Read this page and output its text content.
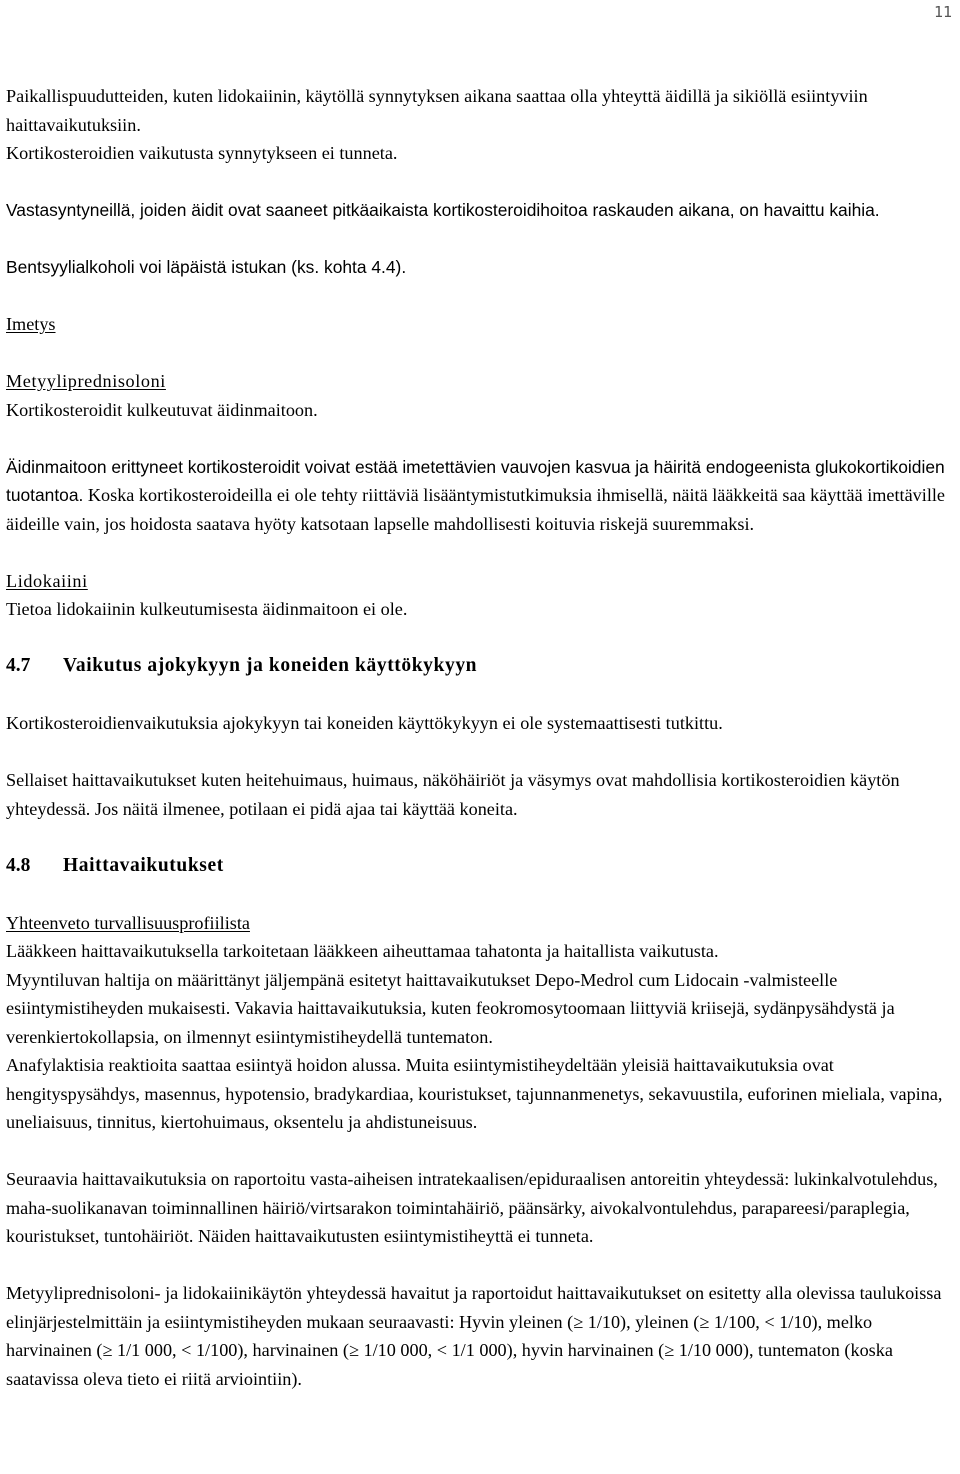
11

Paikallispuudutteiden, kuten lidokaiinin, käytöllä synnytyksen aikana saattaa olla yhteyttä äidillä ja sikiöllä esiintyviin haittavaikutuksiin.

Kortikosteroidien vaikutusta synnytykseen ei tunneta.

Vastasyntyneillä, joiden äidit ovat saaneet pitkäaikaista kortikosteroidihoitoa raskauden aikana, on havaittu kaihia.

Bentsyylialkoholi voi läpäistä istukan (ks. kohta 4.4).

Imetys

Metyyliprednisoloni

Kortikosteroidit kulkeutuvat äidinmaitoon.

Äidinmaitoon erittyneet kortikosteroidit voivat estää imetettävien vauvojen kasvua ja häiritä endogeenista glukokortikoidien tuotantoa. Koska kortikosteroideilla ei ole tehty riittäviä lisääntymistutkimuksia ihmisellä, näitä lääkkeitä saa käyttää imettäville äideille vain, jos hoidosta saatava hyöty katsotaan lapselle mahdollisesti koituvia riskejä suuremmaksi.

Lidokaiini

Tietoa lidokaiinin kulkeutumisesta äidinmaitoon ei ole.

4.7	Vaikutus ajokykyyn ja koneiden käyttökykyyn

Kortikosteroidienvaikutuksia ajokykyyn tai koneiden käyttökykyyn ei ole systemaattisesti tutkittu.

Sellaiset haittavaikutukset kuten heitehuimaus, huimaus, näköhäiriöt ja väsymys ovat mahdollisia kortikosteroidien käytön yhteydessä. Jos näitä ilmenee, potilaan ei pidä ajaa tai käyttää koneita.

4.8	Haittavaikutukset

Yhteenveto turvallisuusprofiilista

Lääkkeen haittavaikutuksella tarkoitetaan lääkkeen aiheuttamaa tahatonta ja haitallista vaikutusta.
Myyntiluvan haltija on määrittänyt jäljempänä esitetyt haittavaikutukset Depo-Medrol cum Lidocain -valmisteelle esiintymistiheyden mukaisesti. Vakavia haittavaikutuksia, kuten feokromosytoomaan liittyviä kriisejä, sydänpysähdystä ja verenkiertokollapsia, on ilmennyt esiintymistiheydellä tuntematon.
Anafylaktisia reaktioita saattaa esiintyä hoidon alussa. Muita esiintymistiheydeltään yleisiä haittavaikutuksia ovat hengityspysähdys, masennus, hypotensio, bradykardiaa, kouristukset, tajunnanmenetys, sekavuustila, euforinen mieliala, vapina, uneliaisuus, tinnitus, kiertohuimaus, oksentelu ja ahdistuneisuus.

Seuraavia haittavaikutuksia on raportoitu vasta-aiheisen intratekaalisen/epiduraalisen antoreitin yhteydessä: lukinkalvotulehdus, maha-suolikanavan toiminnallinen häiriö/virtsarakon toimintahäiriö, päänsärky, aivokalvontulehdus, parapareesi/paraplegia, kouristukset, tuntohäiriöt. Näiden haittavaikutusten esiintymistiheyttä ei tunneta.

Metyyliprednisoloni- ja lidokaiinikäytön yhteydessä havaitut ja raportoidut haittavaikutukset on esitetty alla olevissa taulukoissa elinjärjestelmittäin ja esiintymistiheyden mukaan seuraavasti: Hyvin yleinen (≥ 1/10), yleinen (≥ 1/100, < 1/10), melko harvinainen (≥ 1/1 000, < 1/100), harvinainen (≥ 1/10 000, < 1/1 000), hyvin harvinainen (≥ 1/10 000), tuntematon (koska saatavissa oleva tieto ei riitä arviointiin).
